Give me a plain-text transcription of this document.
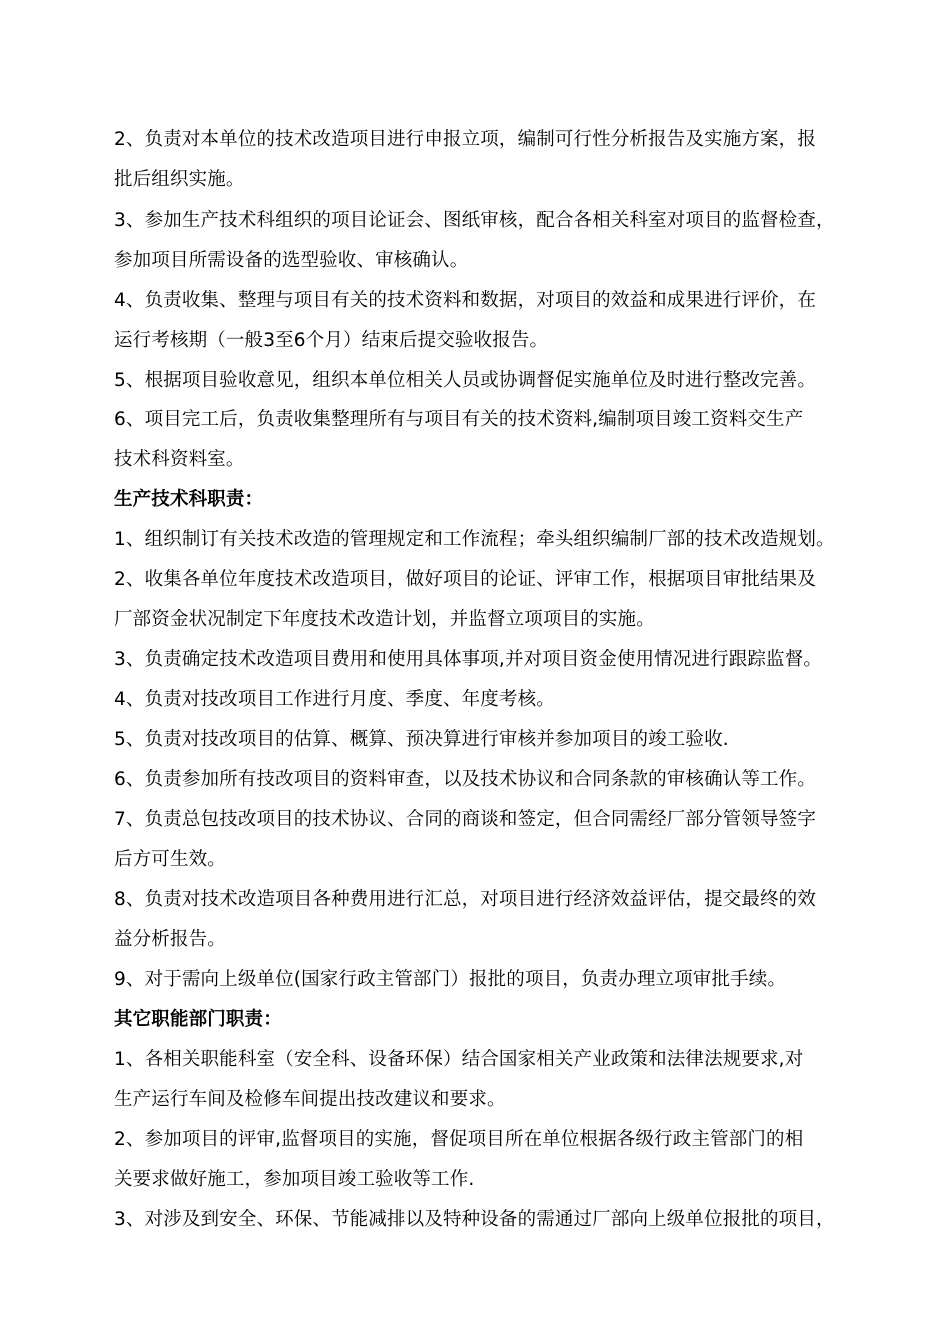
2、负责对本单位的技术改造项目进行申报立项，编制可行性分析报告及实施方案，报
批后组织实施。
3、参加生产技术科组织的项目论证会、图纸审核，配合各相关科室对项目的监督检查，
参加项目所需设备的选型验收、审核确认。
4、负责收集、整理与项目有关的技术资料和数据，对项目的效益和成果进行评价，在
运行考核期（一般3至6个月）结束后提交验收报告。
5、根据项目验收意见，组织本单位相关人员或协调督促实施单位及时进行整改完善。
6、项目完工后，负责收集整理所有与项目有关的技术资料,编制项目竣工资料交生产
技术科资料室。
生产技术科职责：
1、组织制订有关技术改造的管理规定和工作流程；牵头组织编制厂部的技术改造规划。
2、收集各单位年度技术改造项目，做好项目的论证、评审工作，根据项目审批结果及
厂部资金状况制定下年度技术改造计划，并监督立项项目的实施。
3、负责确定技术改造项目费用和使用具体事项,并对项目资金使用情况进行跟踪监督。
4、负责对技改项目工作进行月度、季度、年度考核。
5、负责对技改项目的估算、概算、预决算进行审核并参加项目的竣工验收.
6、负责参加所有技改项目的资料审查，以及技术协议和合同条款的审核确认等工作。
7、负责总包技改项目的技术协议、合同的商谈和签定，但合同需经厂部分管领导签字
后方可生效。
8、负责对技术改造项目各种费用进行汇总，对项目进行经济效益评估，提交最终的效
益分析报告。
9、对于需向上级单位(国家行政主管部门）报批的项目，负责办理立项审批手续。
其它职能部门职责：
1、各相关职能科室（安全科、设备环保）结合国家相关产业政策和法律法规要求,对
生产运行车间及检修车间提出技改建议和要求。
2、参加项目的评审,监督项目的实施，督促项目所在单位根据各级行政主管部门的相
关要求做好施工，参加项目竣工验收等工作.
3、对涉及到安全、环保、节能减排以及特种设备的需通过厂部向上级单位报批的项目，
